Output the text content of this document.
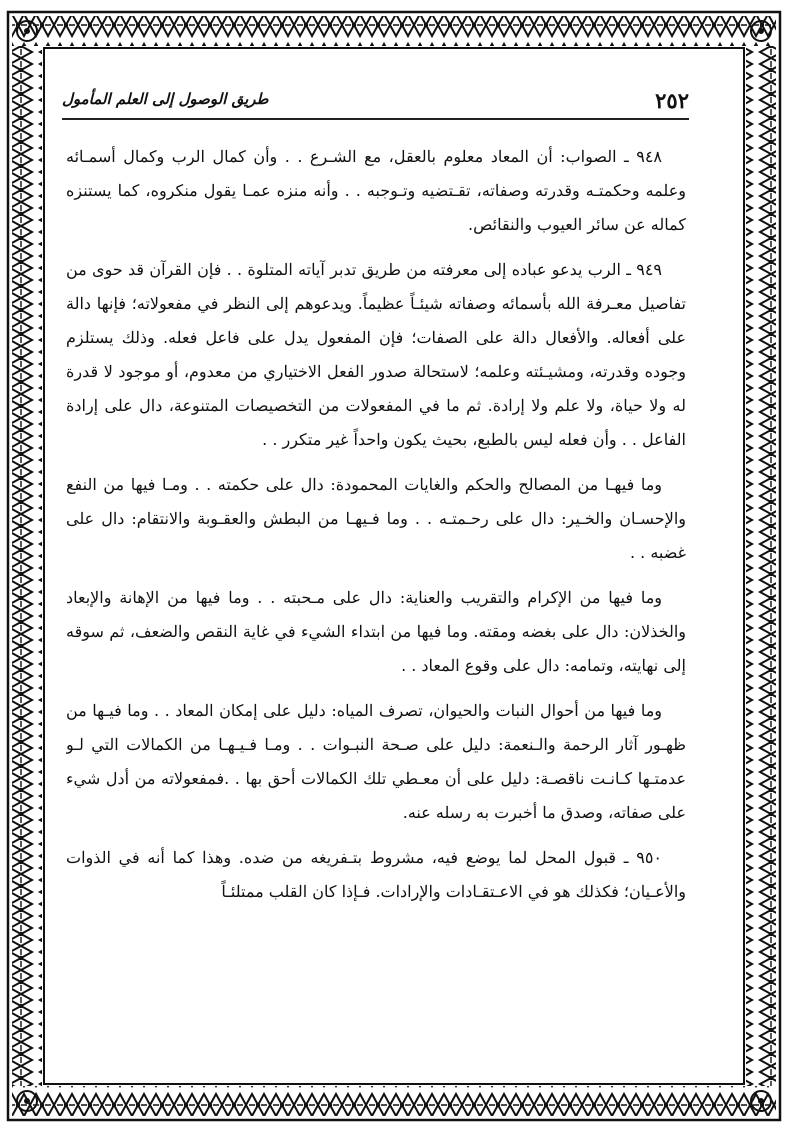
٢٥٢
طريق الوصول إلى العلم المأمول

٩٤٨ ـ الصواب: أن المعاد معلوم بالعقل، مع الشـرع . . وأن كمال الرب وكمال أسمـائه وعلمه وحكمتـه وقدرته وصفاته، تقـتضيه وتـوجبه . . وأنه منزه عمـا يقول منكروه، كما يستنزه كماله عن سائر العيوب والنقائص.

٩٤٩ ـ الرب يدعو عباده إلى معرفته من طريق تدبر آياته المتلوة . . فإن القرآن قد حوى من تفاصيل معـرفة الله بأسمائه وصفاته شيئـاً عظيماً. ويدعوهم إلى النظر في مفعولاته؛ فإنها دالة على أفعاله. والأفعال دالة على الصفات؛ فإن المفعول يدل على فاعل فعله. وذلك يستلزم وجوده وقدرته، ومشيـئته وعلمه؛ لاستحالة صدور الفعل الاختياري من معدوم، أو موجود لا قدرة له ولا حياة، ولا علم ولا إرادة. ثم ما في المفعولات من التخصيصات المتنوعة، دال على إرادة الفاعل . . وأن فعله ليس بالطبع، بحيث يكون واحداً غير متكرر . .

وما فيهـا من المصالح والحكم والغايات المحمودة: دال على حكمته . . ومـا فيها من النفع والإحسـان والخـير: دال على رحـمتـه . . وما فـيهـا من البطش والعقـوبة والانتقام: دال على غضبه . .

وما فيها من الإكرام والتقريب والعناية: دال على مـحبته . . وما فيها من الإهانة والإبعاد والخذلان: دال على بغضه ومقته. وما فيها من ابتداء الشيء في غاية النقص والضعف، ثم سوقه إلى نهايته، وتمامه: دال على وقوع المعاد . .

وما فيها من أحوال النبات والحيوان، تصرف المياه: دليل على إمكان المعاد . . وما فيـها من ظهـور آثار الرحمة والـنعمة: دليل على صـحة النبـوات . . ومـا فـيـهـا من الكمالات التي لـو عدمتـها كـانـت ناقصـة: دليل على أن معـطي تلك الكمالات أحق بها . .فمفعولاته من أدل شيء على صفاته، وصدق ما أخبرت به رسله عنه.

٩٥٠ ـ قبول المحل لما يوضع فيه، مشروط بتـفريغه من ضده. وهذا كما أنه في الذوات والأعـيان؛ فكذلك هو في الاعـتقـادات والإرادات. فـإذا كان القلب ممتلئـاً
